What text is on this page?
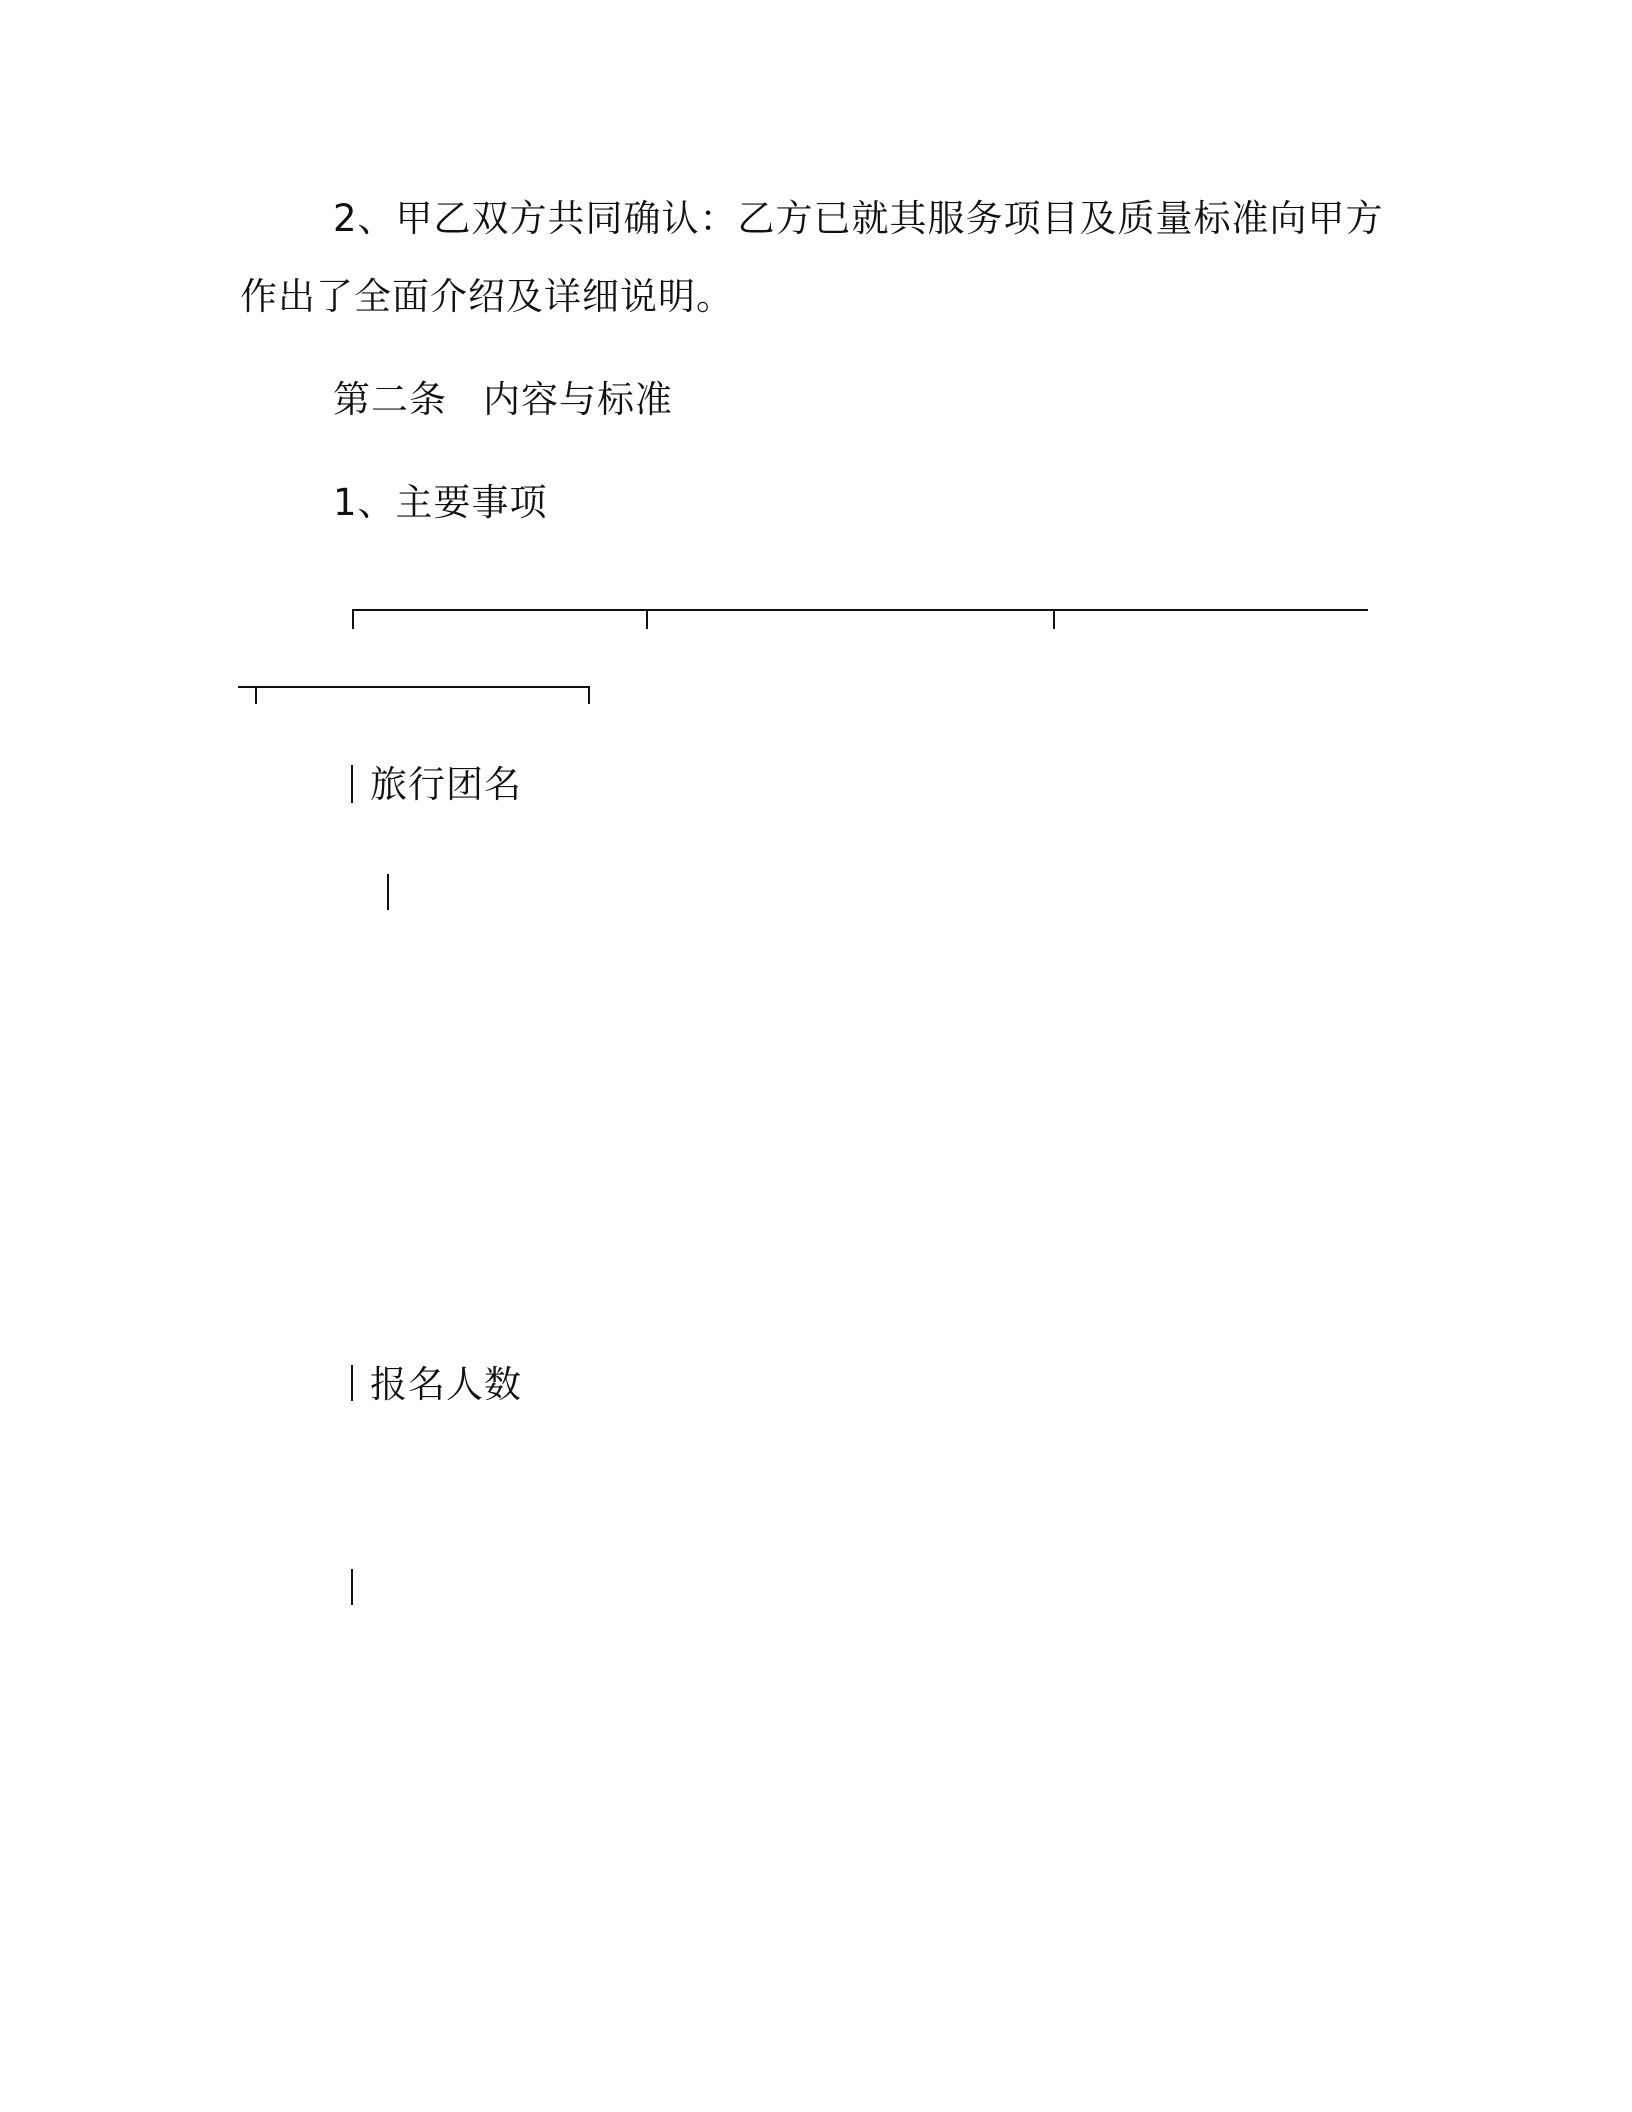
2、甲乙双方共同确认：乙方已就其服务项目及质量标准向甲方
作出了全面介绍及详细说明。
第二条 内容与标准
1、主要事项
旅行团名
报名人数
